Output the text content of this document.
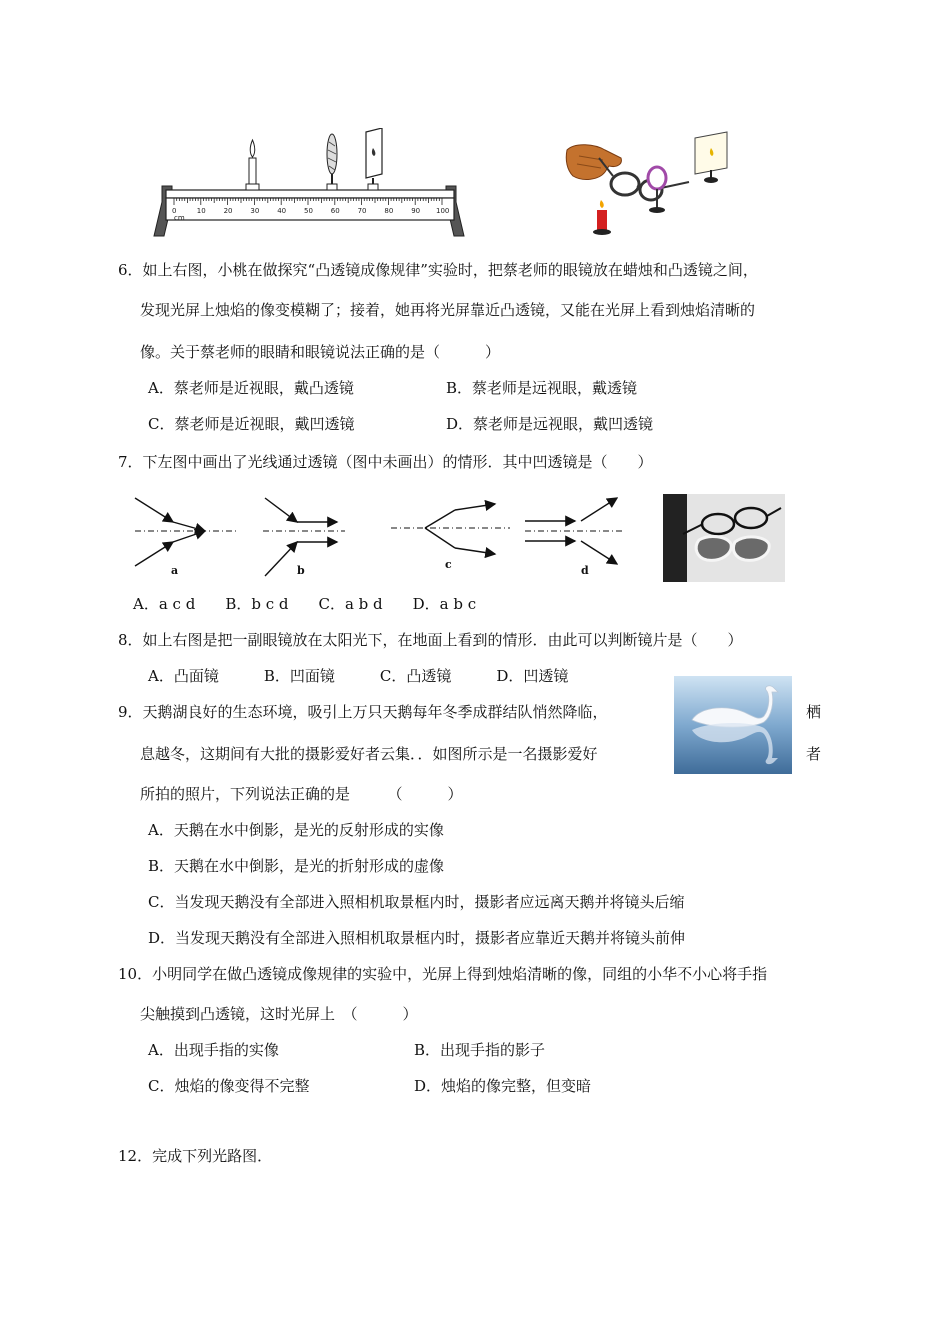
0	10	20	30	40	50	60	70	80	90 100
cm
6．如上右图，小桃在做探究“凸透镜成像规律”实验时，把蔡老师的眼镜放在蜡烛和凸透镜之间，
发现光屏上烛焰的像变模糊了；接着，她再将光屏靠近凸透镜，又能在光屏上看到烛焰清晰的
像。关于蔡老师的眼睛和眼镜说法正确的是（　　　）
A．蔡老师是近视眼，戴凸透镜	B．蔡老师是远视眼，戴透镜
C．蔡老师是近视眼，戴凹透镜	D．蔡老师是远视眼，戴凹透镜
7．下左图中画出了光线通过透镜（图中未画出）的情形．其中凹透镜是（　　）
a	b	c	d
A．a c d　　B．b c d　　C．a b d　　D．a b c
8．如上右图是把一副眼镜放在太阳光下，在地面上看到的情形．由此可以判断镜片是（　　）
A．凸面镜　　　B．凹面镜　　　C．凸透镜　　　D．凹透镜
9．天鹅湖良好的生态环境，吸引上万只天鹅每年冬季成群结队悄然降临，	栖
息越冬，这期间有大批的摄影爱好者云集．．如图所示是一名摄影爱好	者
所拍的照片，下列说法正确的是　　　（　　　）
A．天鹅在水中倒影，是光的反射形成的实像
B．天鹅在水中倒影，是光的折射形成的虚像
C．当发现天鹅没有全部进入照相机取景框内时，摄影者应远离天鹅并将镜头后缩
D．当发现天鹅没有全部进入照相机取景框内时，摄影者应靠近天鹅并将镜头前伸
10．小明同学在做凸透镜成像规律的实验中，光屏上得到烛焰清晰的像，同组的小华不小心将手指
尖触摸到凸透镜，这时光屏上　（　　　）
A．出现手指的实像	B．出现手指的影子
C．烛焰的像变得不完整	D．烛焰的像完整，但变暗
12．完成下列光路图．
